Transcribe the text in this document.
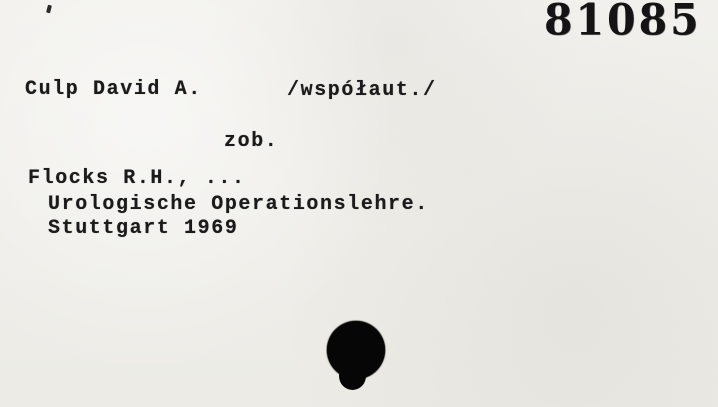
81085
Culp David A.	/współaut./
zob.
Flocks R.H., ...
Urologische Operationslehre.
Stuttgart 1969
